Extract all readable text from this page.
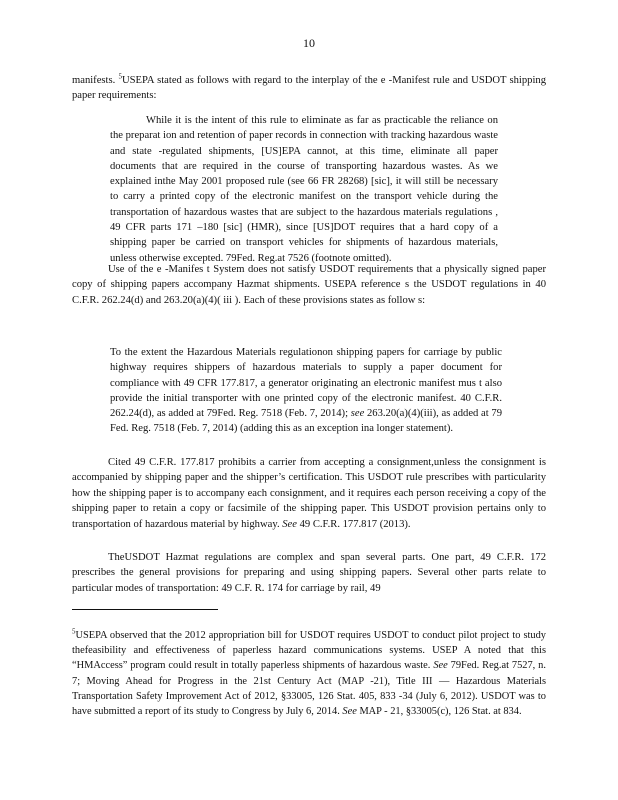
10

manifests. $^5$USEPA stated as follows with regard to the interplay of the e -Manifest rule and USDOT shipping paper requirements:

While it is the intent of this rule to eliminate as far as practicable the reliance on the preparat ion and retention of paper records in connection with tracking hazardous waste and state -regulated shipments, [US]EPA cannot, at this time, eliminate all paper documents that are required in the course of transporting hazardous wastes. As we explained inthe May 2001 proposed rule (see 66 FR 28268) [sic], it will still be necessary to carry a printed copy of the electronic manifest on the transport vehicle during the transportation of hazardous wastes that are subject to the hazardous materials regulations , 49 CFR parts 171 –180 [sic] (HMR), since [US]DOT requires that a hard copy of a shipping paper be carried on transport vehicles for shipments of hazardous materials, unless otherwise excepted. 79Fed. Reg.at 7526 (footnote omitted).

Use of the e -Manifes t System does not satisfy USDOT requirements that a physically signed paper copy of shipping papers accompany Hazmat shipments. USEPA reference s the USDOT regulations in 40 C.F.R. 262.24(d) and 263.20(a)(4)( iii ). Each of these provisions states as follow s:

To the extent the Hazardous Materials regulationon shipping papers for carriage by public highway requires shippers of hazardous materials to supply a paper document for compliance with 49 CFR 177.817, a generator originating an electronic manifest mus t also provide the initial transporter with one printed copy of the electronic manifest. 40 C.F.R. 262.24(d), as added at 79Fed. Reg. 7518 (Feb. 7, 2014); see 263.20(a)(4)(iii), as added at 79 Fed. Reg. 7518 (Feb. 7, 2014) (adding this as an exception ina longer statement).

Cited 49 C.F.R. 177.817 prohibits a carrier from accepting a consignment,unless the consignment is accompanied by shipping paper and the shipper’s certification. This USDOT rule prescribes with particularity how the shipping paper is to accompany each consignment, and it requires each person receiving a copy of the shipping paper to retain a copy or facsimile of the shipping paper. This USDOT provision pertains only to transportation of hazardous material by highway. See 49 C.F.R. 177.817 (2013).

TheUSDOT Hazmat regulations are complex and span several parts. One part, 49 C.F.R. 172 prescribes the general provisions for preparing and using shipping papers. Several other parts relate to particular modes of transportation: 49 C.F. R. 174 for carriage by rail, 49

$^5$USEPA observed that the 2012 appropriation bill for USDOT requires USDOT to conduct pilot project to study thefeasibility and effectiveness of paperless hazard communications systems. USEP A noted that this “HMAccess” program could result in totally paperless shipments of hazardous waste. See 79Fed. Reg.at 7527, n. 7; Moving Ahead for Progress in the 21st Century Act (MAP -21), Title III — Hazardous Materials Transportation Safety Improvement Act of 2012, §33005, 126 Stat. 405, 833 -34 (July 6, 2012). USDOT was to have submitted a report of its study to Congress by July 6, 2014. See MAP - 21, §33005(c), 126 Stat. at 834.
